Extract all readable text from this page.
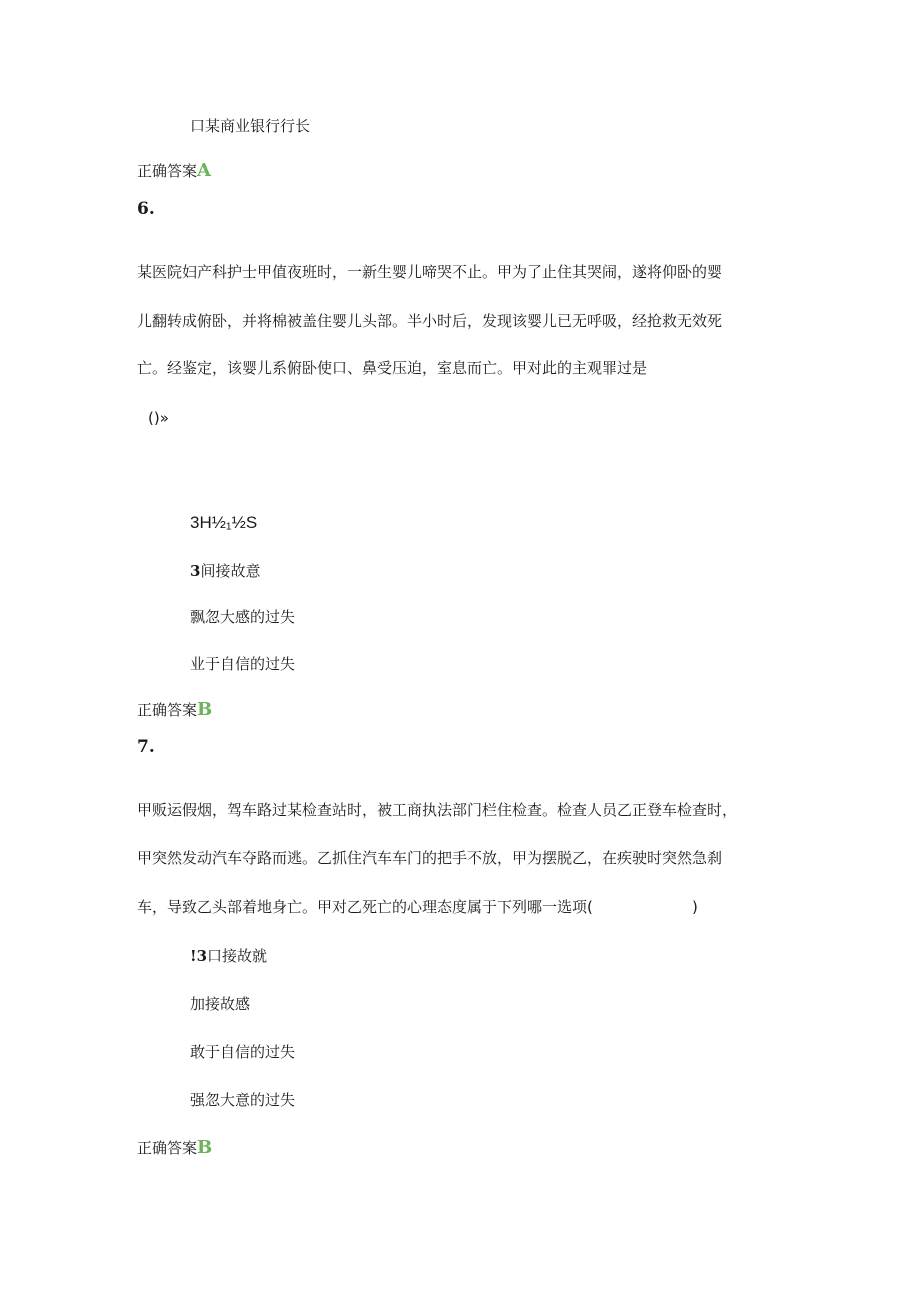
口某商业银行行长
正确答案A
6.
某医院妇产科护士甲值夜班时，一新生婴儿啼哭不止。甲为了止住其哭闹，遂将仰卧的婴
儿翻转成俯卧，并将棉被盖住婴儿头部。半小时后，发现该婴儿已无呼吸，经抢救无效死
亡。经鉴定，该婴儿系俯卧使口、鼻受压迫，室息而亡。甲对此的主观罪过是
()»
3H½₁½S
3间接故意
飘忽大感的过失
业于自信的过失
正确答案B
7.
甲贩运假烟，驾车路过某检查站时，被工商执法部门栏住检查。检查人员乙正登车检查时，
甲突然发动汽车夺路而逃。乙抓住汽车车门的把手不放，甲为摆脱乙，在疾驶时突然急刹
车，导致乙头部着地身亡。甲对乙死亡的心理态度属于下列哪一选项(	)
!3口接故就
加接故感
敢于自信的过失
强忽大意的过失
正确答案B
